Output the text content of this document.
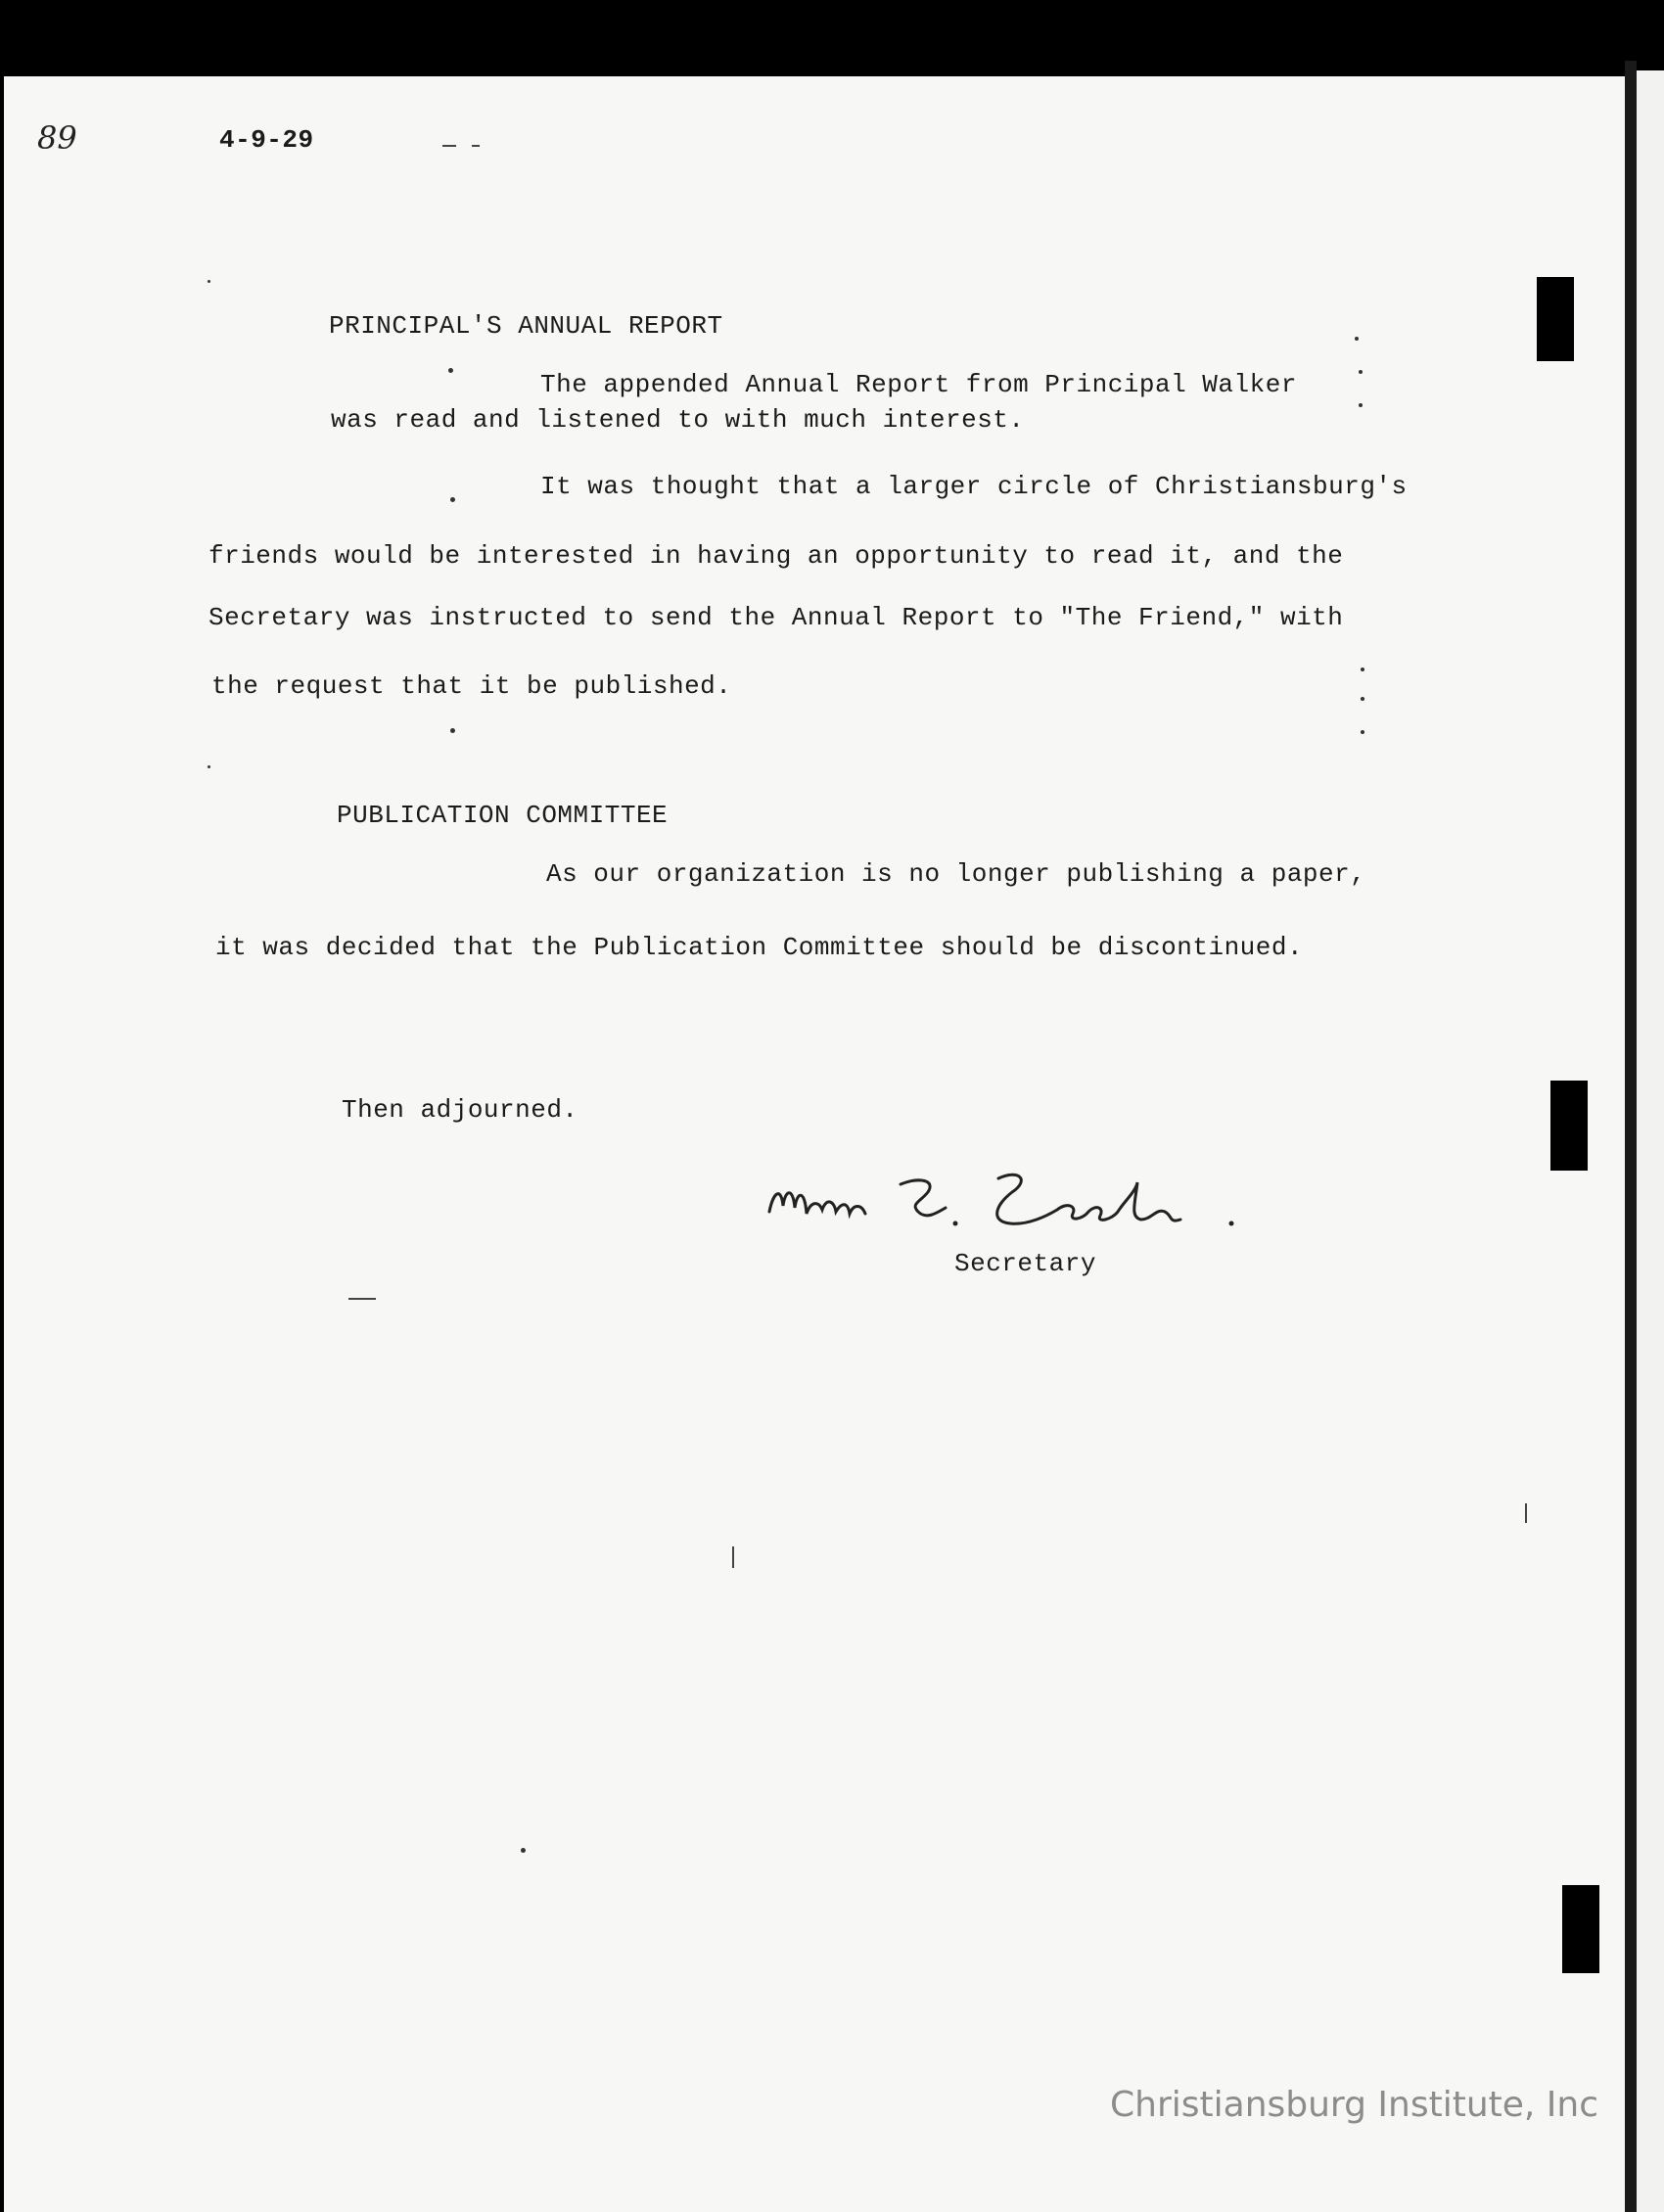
89	4-9-29
PRINCIPAL'S ANNUAL REPORT
The appended Annual Report from Principal Walker
was read and listened to with much interest.
It was thought that a larger circle of Christiansburg's
friends would be interested in having an opportunity to read it, and the
Secretary was instructed to send the Annual Report to "The Friend," with
the request that it be published.
PUBLICATION COMMITTEE
As our organization is no longer publishing a paper,
it was decided that the Publication Committee should be discontinued.
Then adjourned.
Secretary
Christiansburg Institute, Inc
